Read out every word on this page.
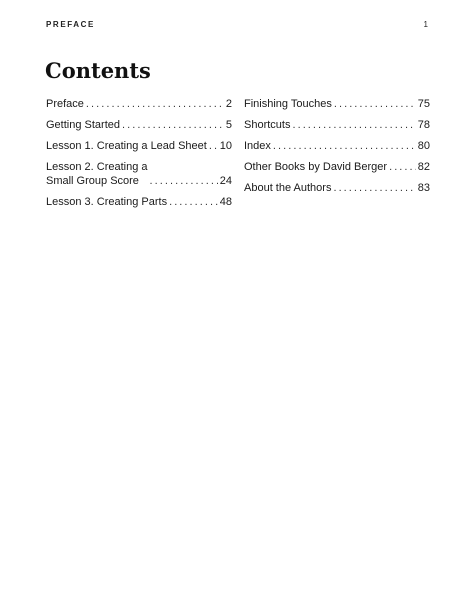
PREFACE	1
Contents
Preface . . .	2
Getting Started . . .	5
Lesson 1. Creating a Lead Sheet . . . 10
Lesson 2. Creating a
Small Group Score . . .	24
Lesson 3. Creating Parts . . .	48
Finishing Touches . . .	75
Shortcuts . . .	78
Index . . .	80
Other Books by David Berger . . .	82
About the Authors . . .	83
